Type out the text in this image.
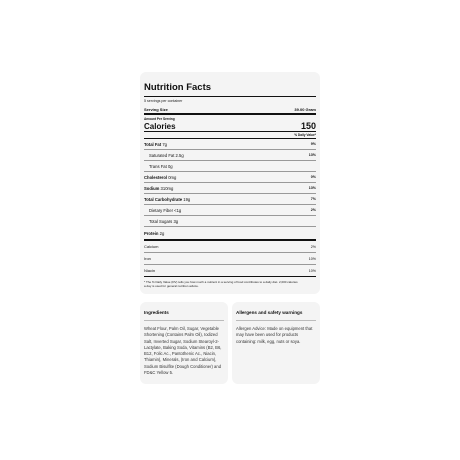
Nutrition Facts
5 servings per container
Serving Size	39.00 Gram
Amount Per Serving
Calories	150
% Daily Value*
Total Fat 7g	9%
Saturated Fat 2.5g	13%
Trans Fat 0g
Cholesterol 0mg	0%
Sodium 310mg	13%
Total Carbohydrate 19g	7%
Dietary Fiber <1g	2%
Total Sugars 3g
Protein 2g
Calcium	2%
Iron	10%
Niacin	10%
* The % Daily Value (DV) tells you how much a nutrient in a serving of food contributes to a daily diet. 2,000 calories a day is used for general nutrition advice.
Ingredients
Wheat Flour, Palm Oil, Sugar, Vegetable Shortening (Contains Palm Oil), Iodized Salt, Inverted Sugar, Sodium Stearoyl-2-Lactylate, Baking Soda, Vitamins (B2, B6, B12, Folic Ac., Pantothenic Ac., Niacin, Thiamin), Minerals, (Iron and Calcium), Sodium Bisulfite (Dough Conditioner) and FD&C Yellow 5.
Allergens and safety warnings
Allergen Advice: Made on equipment that may have been used for products containing: milk, egg, nuts or soya.
